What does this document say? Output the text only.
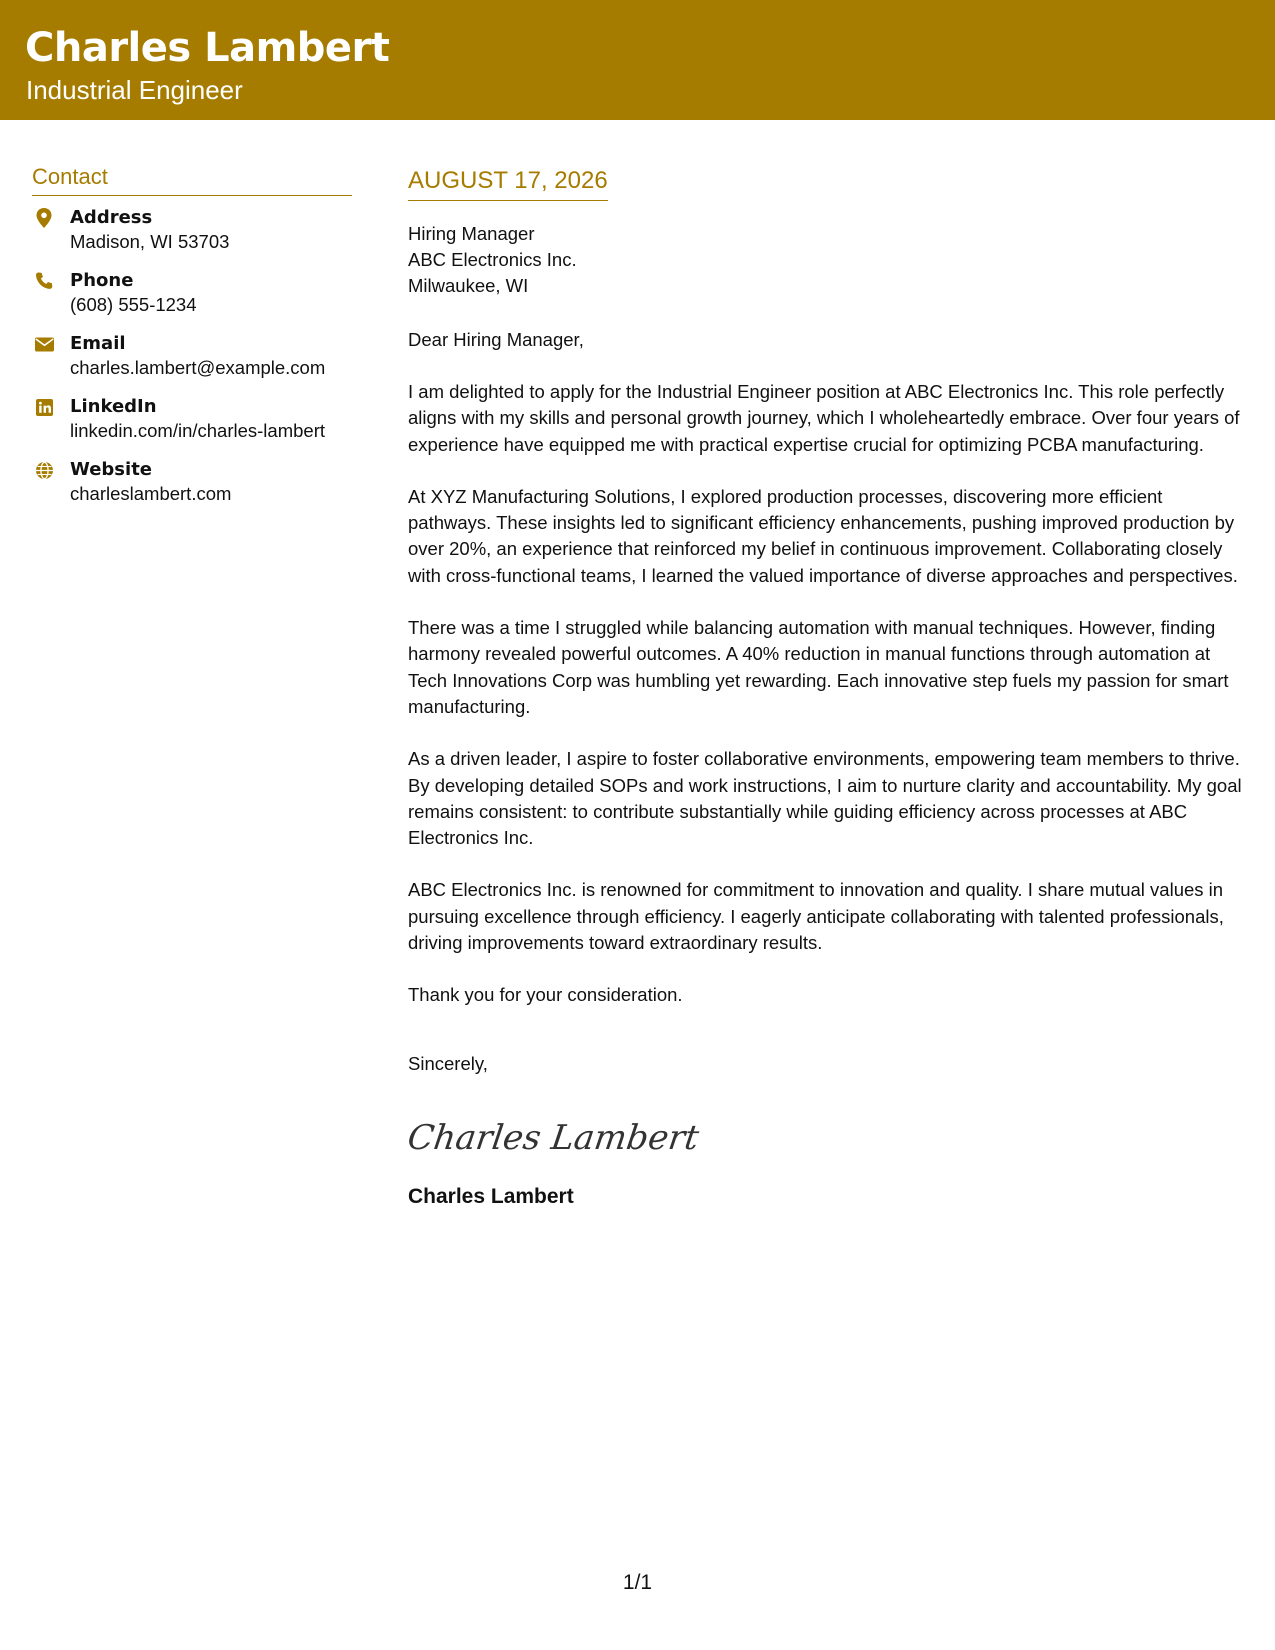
Charles Lambert
Industrial Engineer
Contact
Address
Madison, WI 53703
Phone
(608) 555-1234
Email
charles.lambert@example.com
LinkedIn
linkedin.com/in/charles-lambert
Website
charleslambert.com
AUGUST 17, 2026
Hiring Manager
ABC Electronics Inc.
Milwaukee, WI
Dear Hiring Manager,
I am delighted to apply for the Industrial Engineer position at ABC Electronics Inc. This role perfectly aligns with my skills and personal growth journey, which I wholeheartedly embrace. Over four years of experience have equipped me with practical expertise crucial for optimizing PCBA manufacturing.
At XYZ Manufacturing Solutions, I explored production processes, discovering more efficient pathways. These insights led to significant efficiency enhancements, pushing improved production by over 20%, an experience that reinforced my belief in continuous improvement. Collaborating closely with cross-functional teams, I learned the valued importance of diverse approaches and perspectives.
There was a time I struggled while balancing automation with manual techniques. However, finding harmony revealed powerful outcomes. A 40% reduction in manual functions through automation at Tech Innovations Corp was humbling yet rewarding. Each innovative step fuels my passion for smart manufacturing.
As a driven leader, I aspire to foster collaborative environments, empowering team members to thrive. By developing detailed SOPs and work instructions, I aim to nurture clarity and accountability. My goal remains consistent: to contribute substantially while guiding efficiency across processes at ABC Electronics Inc.
ABC Electronics Inc. is renowned for commitment to innovation and quality. I share mutual values in pursuing excellence through efficiency. I eagerly anticipate collaborating with talented professionals, driving improvements toward extraordinary results.
Thank you for your consideration.
Sincerely,
Charles Lambert
Charles Lambert
1/1
